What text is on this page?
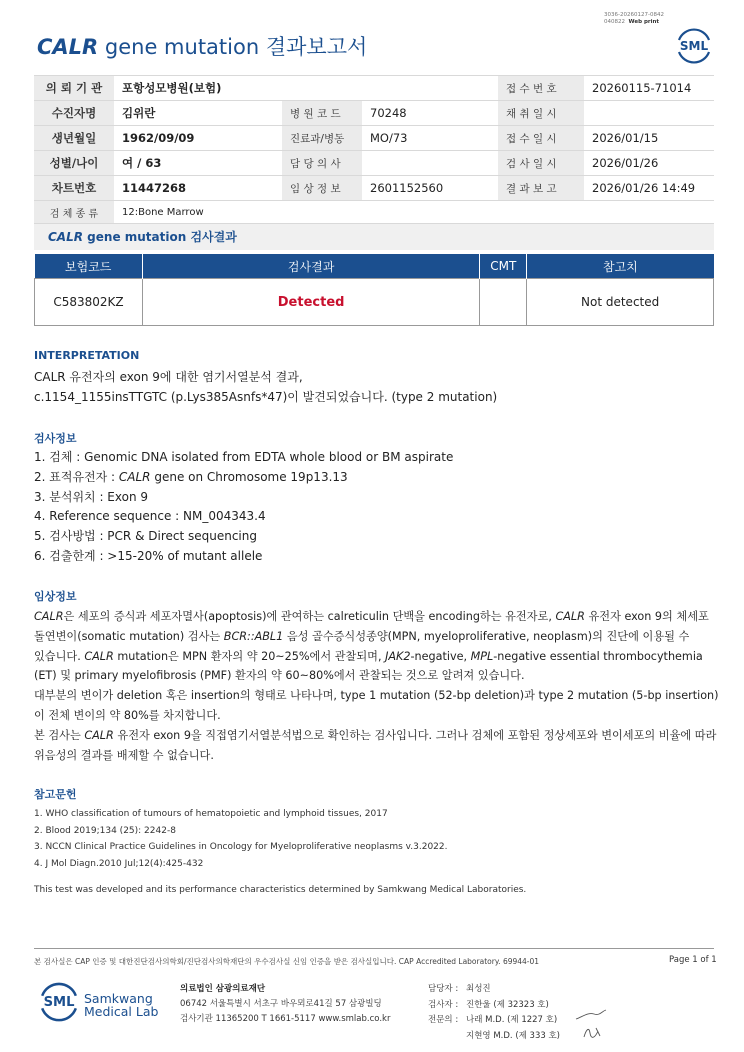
3036-20260127-0842
040822 Web print
CALR gene mutation 결과보고서	SML
의 뢰 기 관	포항성모병원(보험)			접 수 번 호	20260115-71014
수진자명	김위란	병 원 코 드	70248	채 취 일 시	
생년월일	1962/09/09	진료과/병동	MO/73	접 수 일 시	2026/01/15
성별/나이	여 / 63	담 당 의 사		검 사 일 시	2026/01/26
차트번호	11447268	임 상 정 보	2601152560	결 과 보 고	2026/01/26 14:49
검 체 종 류	12:Bone Marrow				
CALR gene mutation 검사결과
보험코드	검사결과	CMT	참고치
C583802KZ	Detected		Not detected
INTERPRETATION
CALR 유전자의 exon 9에 대한 염기서열분석 결과,
c.1154_1155insTTGTC (p.Lys385Asnfs*47)이 발견되었습니다. (type 2 mutation)
검사정보
1. 검체 : Genomic DNA isolated from EDTA whole blood or BM aspirate
2. 표적유전자 : CALR gene on Chromosome 19p13.13
3. 분석위치 : Exon 9
4. Reference sequence : NM_004343.4
5. 검사방법 : PCR & Direct sequencing
6. 검출한계 : >15-20% of mutant allele
임상정보
CALR은 세포의 증식과 세포자멸사(apoptosis)에 관여하는 calreticulin 단백을 encoding하는 유전자로, CALR 유전자 exon 9의 체세포
돌연변이(somatic mutation) 검사는 BCR::ABL1 음성 골수증식성종양(MPN, myeloproliferative, neoplasm)의 진단에 이용될 수
있습니다. CALR mutation은 MPN 환자의 약 20~25%에서 관찰되며, JAK2-negative, MPL-negative essential thrombocythemia
(ET) 및 primary myelofibrosis (PMF) 환자의 약 60~80%에서 관찰되는 것으로 알려져 있습니다.
대부분의 변이가 deletion 혹은 insertion의 형태로 나타나며, type 1 mutation (52-bp deletion)과 type 2 mutation (5-bp insertion)
이 전체 변이의 약 80%를 차지합니다.
본 검사는 CALR 유전자 exon 9을 직접염기서열분석법으로 확인하는 검사입니다. 그러나 검체에 포함된 정상세포와 변이세포의 비율에 따라
위음성의 결과를 배제할 수 없습니다.
참고문헌
1. WHO classification of tumours of hematopoietic and lymphoid tissues, 2017
2. Blood 2019;134 (25): 2242-8
3. NCCN Clinical Practice Guidelines in Oncology for Myeloproliferative neoplasms v.3.2022.
4. J Mol Diagn.2010 Jul;12(4):425-432
This test was developed and its performance characteristics determined by Samkwang Medical Laboratories.
본 검사실은 CAP 인증 및 대한진단검사의학회/진단검사의학재단의 우수검사실 신임 인증을 받은 검사실입니다. CAP Accredited Laboratory. 69944-01	Page 1 of 1
SML Samkwang
Medical Lab
의료법인 삼광의료재단
06742 서울특별시 서초구 바우뫼로41길 57 삼광빌딩
검사기관 11365200 T 1661-5117 www.smlab.co.kr
담당자 : 최성진
검사자 : 진한울 (제 32323 호)
전문의 : 나래 M.D. (제 1227 호)
지현영 M.D. (제 333 호)
